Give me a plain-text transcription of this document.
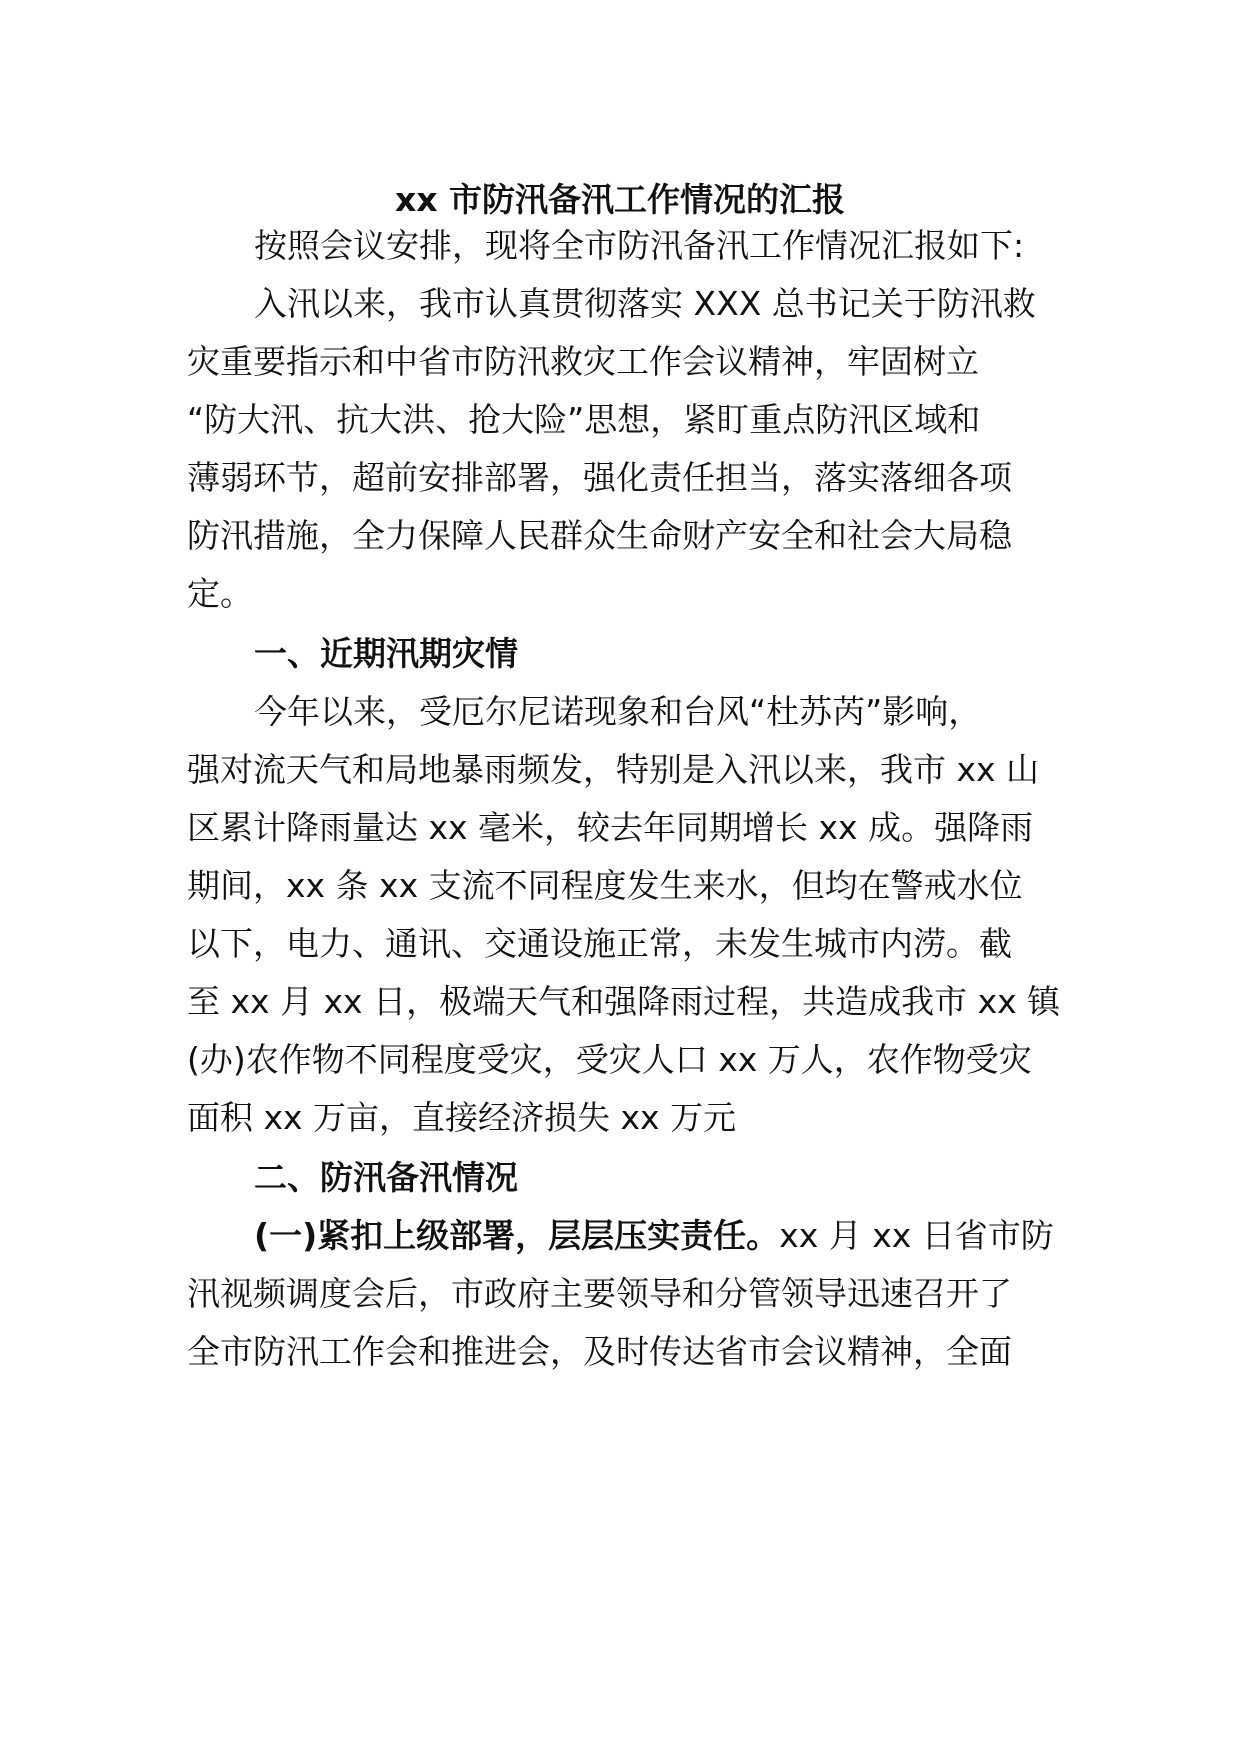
xx 市防汛备汛工作情况的汇报
按照会议安排，现将全市防汛备汛工作情况汇报如下:
入汛以来，我市认真贯彻落实 XXX 总书记关于防汛救
灾重要指示和中省市防汛救灾工作会议精神，牢固树立
“防大汛、抗大洪、抢大险”思想，紧盯重点防汛区域和
薄弱环节，超前安排部署，强化责任担当，落实落细各项
防汛措施，全力保障人民群众生命财产安全和社会大局稳
定。
一、近期汛期灾情
今年以来，受厄尔尼诺现象和台风“杜苏芮”影响，
强对流天气和局地暴雨频发，特别是入汛以来，我市 xx 山
区累计降雨量达 xx 毫米，较去年同期增长 xx 成。强降雨
期间，xx 条 xx 支流不同程度发生来水，但均在警戒水位
以下，电力、通讯、交通设施正常，未发生城市内涝。截
至 xx 月 xx 日，极端天气和强降雨过程，共造成我市 xx 镇
(办)农作物不同程度受灾，受灾人口 xx 万人，农作物受灾
面积 xx 万亩，直接经济损失 xx 万元
二、防汛备汛情况
(一)紧扣上级部署，层层压实责任。xx 月 xx 日省市防
汛视频调度会后，市政府主要领导和分管领导迅速召开了
全市防汛工作会和推进会，及时传达省市会议精神，全面
